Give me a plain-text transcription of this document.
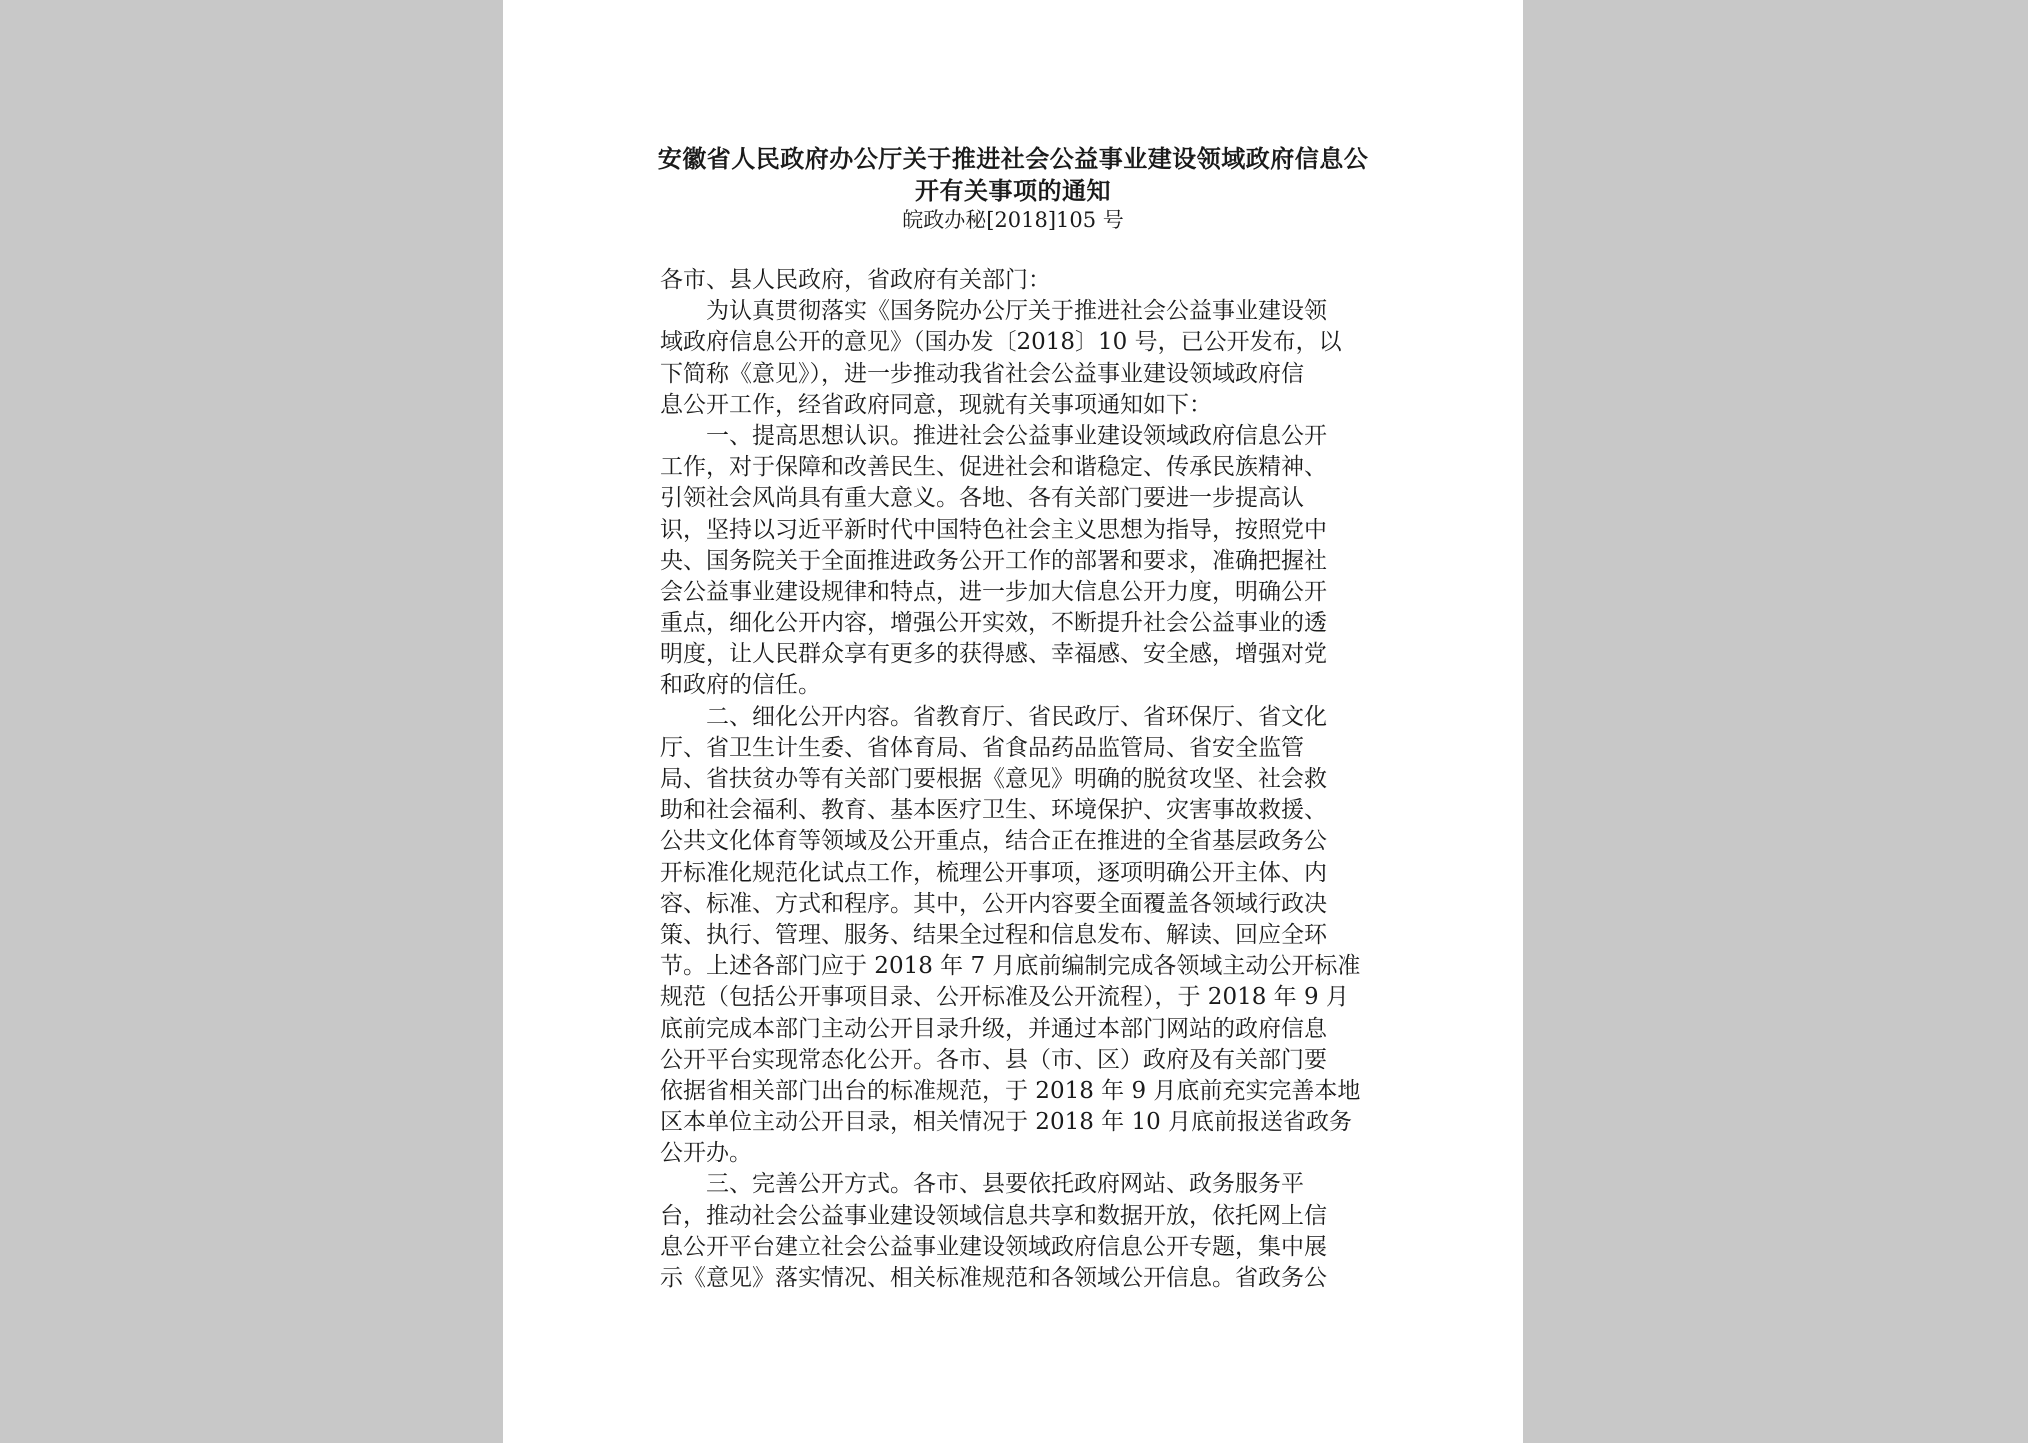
安徽省人民政府办公厅关于推进社会公益事业建设领域政府信息公
开有关事项的通知
皖政办秘[2018]105 号
各市、县人民政府，省政府有关部门：
为认真贯彻落实《国务院办公厅关于推进社会公益事业建设领
域政府信息公开的意见》（国办发〔2018〕10 号，已公开发布，以
下简称《意见》），进一步推动我省社会公益事业建设领域政府信
息公开工作，经省政府同意，现就有关事项通知如下：
一、提高思想认识。推进社会公益事业建设领域政府信息公开
工作，对于保障和改善民生、促进社会和谐稳定、传承民族精神、
引领社会风尚具有重大意义。各地、各有关部门要进一步提高认
识，坚持以习近平新时代中国特色社会主义思想为指导，按照党中
央、国务院关于全面推进政务公开工作的部署和要求，准确把握社
会公益事业建设规律和特点，进一步加大信息公开力度，明确公开
重点，细化公开内容，增强公开实效，不断提升社会公益事业的透
明度，让人民群众享有更多的获得感、幸福感、安全感，增强对党
和政府的信任。
二、细化公开内容。省教育厅、省民政厅、省环保厅、省文化
厅、省卫生计生委、省体育局、省食品药品监管局、省安全监管
局、省扶贫办等有关部门要根据《意见》明确的脱贫攻坚、社会救
助和社会福利、教育、基本医疗卫生、环境保护、灾害事故救援、
公共文化体育等领域及公开重点，结合正在推进的全省基层政务公
开标准化规范化试点工作，梳理公开事项，逐项明确公开主体、内
容、标准、方式和程序。其中，公开内容要全面覆盖各领域行政决
策、执行、管理、服务、结果全过程和信息发布、解读、回应全环
节。上述各部门应于 2018 年 7 月底前编制完成各领域主动公开标准
规范（包括公开事项目录、公开标准及公开流程），于 2018 年 9 月
底前完成本部门主动公开目录升级，并通过本部门网站的政府信息
公开平台实现常态化公开。各市、县（市、区）政府及有关部门要
依据省相关部门出台的标准规范，于 2018 年 9 月底前充实完善本地
区本单位主动公开目录，相关情况于 2018 年 10 月底前报送省政务
公开办。
三、完善公开方式。各市、县要依托政府网站、政务服务平
台，推动社会公益事业建设领域信息共享和数据开放，依托网上信
息公开平台建立社会公益事业建设领域政府信息公开专题，集中展
示《意见》落实情况、相关标准规范和各领域公开信息。省政务公
